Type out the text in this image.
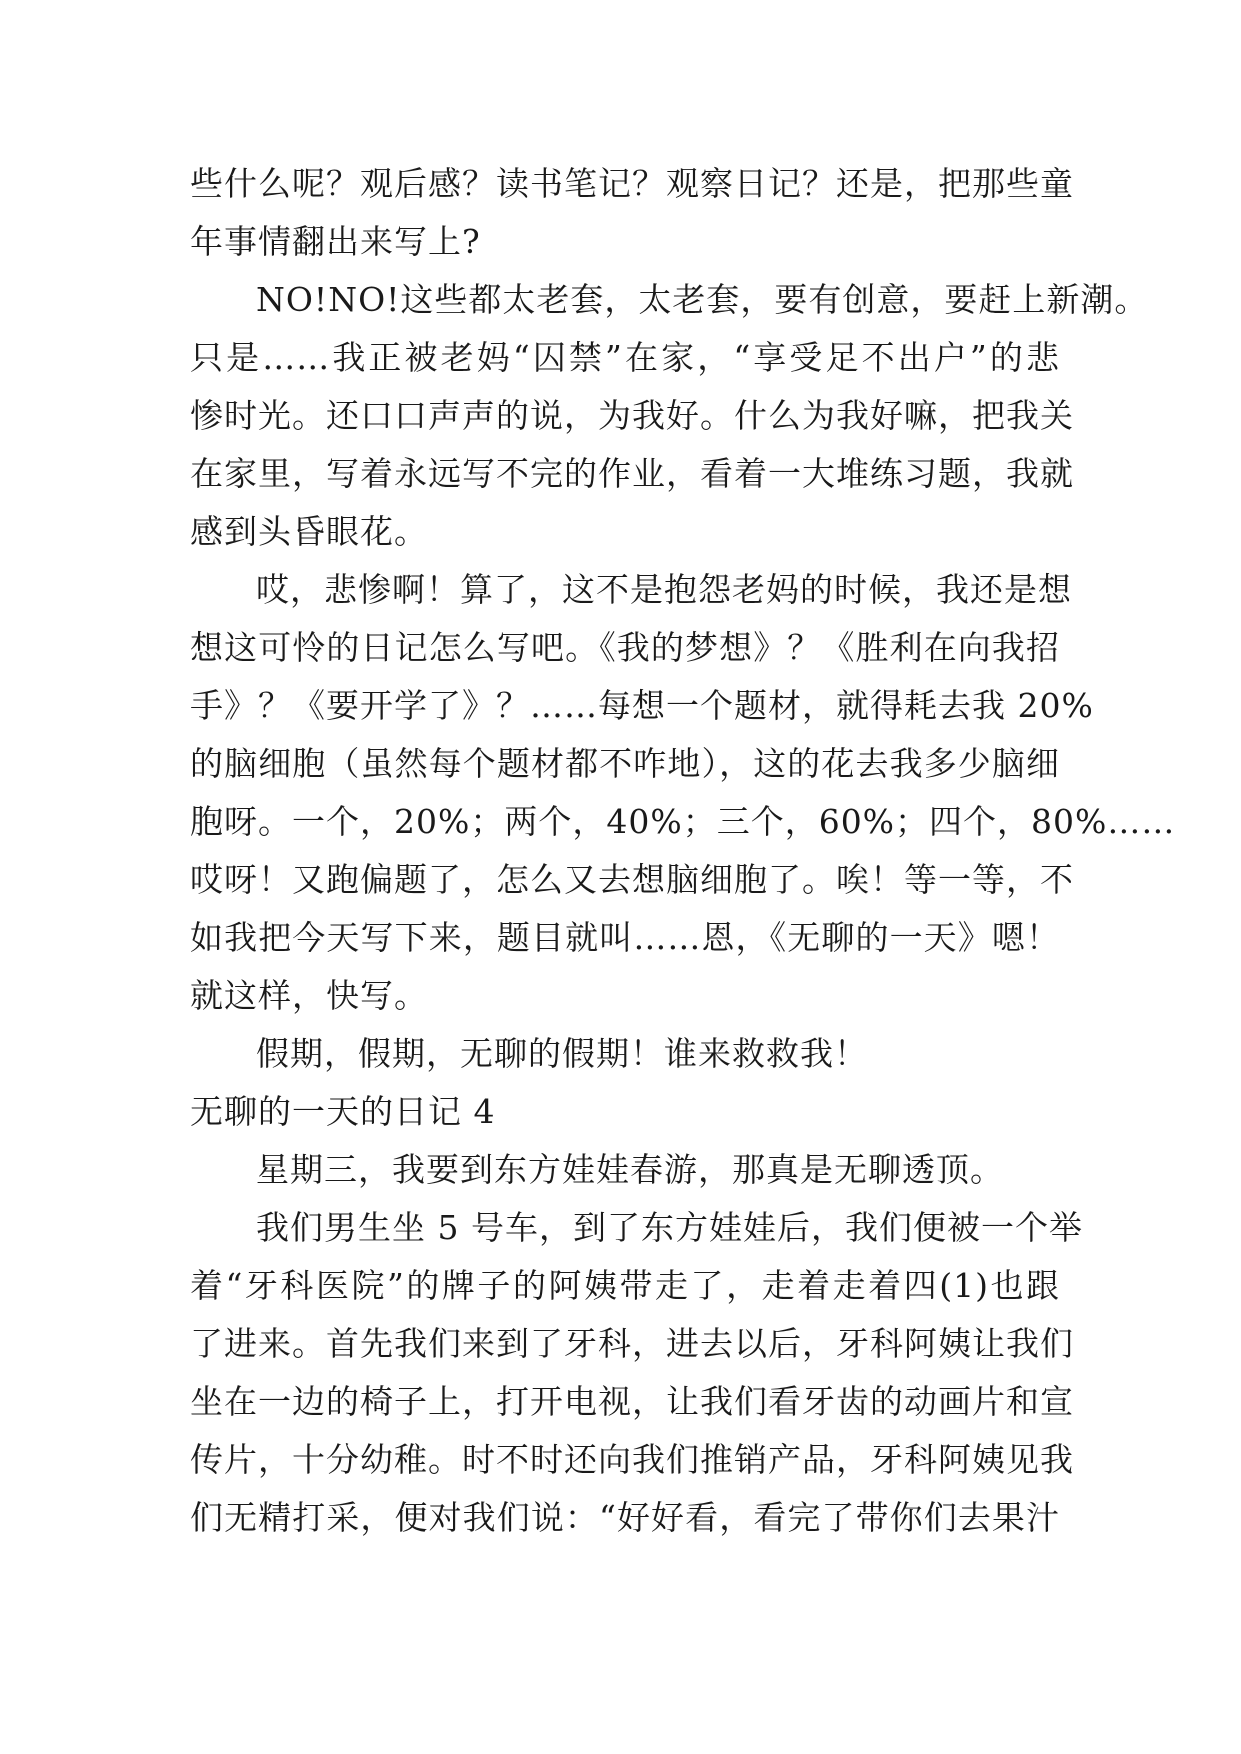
些什么呢？观后感？读书笔记？观察日记？还是，把那些童
年事情翻出来写上?
NO!NO!这些都太老套，太老套，要有创意，要赶上新潮。
只是……我正被老妈“囚禁”在家，“享受足不出户”的悲
惨时光。还口口声声的说，为我好。什么为我好嘛，把我关
在家里，写着永远写不完的作业，看着一大堆练习题，我就
感到头昏眼花。
哎，悲惨啊！算了，这不是抱怨老妈的时候，我还是想
想这可怜的日记怎么写吧。《我的梦想》？《胜利在向我招
手》？《要开学了》？……每想一个题材，就得耗去我 20%
的脑细胞（虽然每个题材都不咋地），这的花去我多少脑细
胞呀。一个，20%；两个，40%；三个，60%；四个，80%……
哎呀！又跑偏题了，怎么又去想脑细胞了。唉！等一等，不
如我把今天写下来，题目就叫……恩，《无聊的一天》嗯！
就这样，快写。
假期，假期，无聊的假期！谁来救救我！
无聊的一天的日记 4
星期三，我要到东方娃娃春游，那真是无聊透顶。
我们男生坐 5 号车，到了东方娃娃后，我们便被一个举
着“牙科医院”的牌子的阿姨带走了，走着走着四(1)也跟
了进来。首先我们来到了牙科，进去以后，牙科阿姨让我们
坐在一边的椅子上，打开电视，让我们看牙齿的动画片和宣
传片，十分幼稚。时不时还向我们推销产品，牙科阿姨见我
们无精打采，便对我们说：“好好看，看完了带你们去果汁
